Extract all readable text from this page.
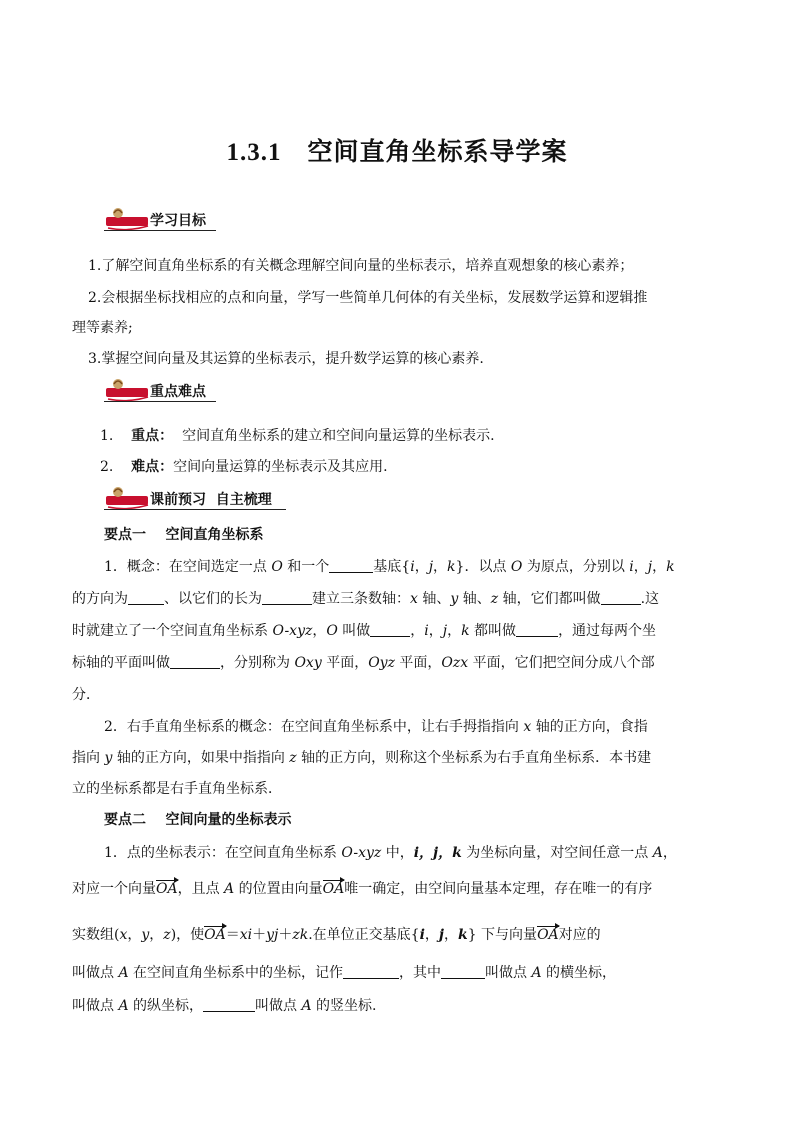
1.3.1 空间直角坐标系导学案
学习目标
1.了解空间直角坐标系的有关概念理解空间向量的坐标表示，培养直观想象的核心素养；
2.会根据坐标找相应的点和向量，学写一些简单几何体的有关坐标，发展数学运算和逻辑推
理等素养;
3.掌握空间向量及其运算的坐标表示，提升数学运算的核心素养.
重点难点
1. 重点： 空间直角坐标系的建立和空间向量运算的坐标表示.
2. 难点：空间向量运算的坐标表示及其应用.
课前预习  自主梳理
要点一    空间直角坐标系
1．概念：在空间选定一点 O 和一个	基底{i，j，k}．以点 O 为原点，分别以 i，j，k
的方向为	、以它们的长为	建立三条数轴：x 轴、y 轴、z 轴，它们都叫做	.这
时就建立了一个空间直角坐标系 O-xyz，O 叫做	，i，j，k 都叫做	，通过每两个坐
标轴的平面叫做	，分别称为 Oxy 平面，Oyz 平面，Ozx 平面，它们把空间分成八个部
分．
2．右手直角坐标系的概念：在空间直角坐标系中，让右手拇指指向 x 轴的正方向，食指
指向 y 轴的正方向，如果中指指向 z 轴的正方向，则称这个坐标系为右手直角坐标系．本书建
立的坐标系都是右手直角坐标系．
要点二    空间向量的坐标表示
1．点的坐标表示：在空间直角坐标系 O-xyz 中，i，j，k 为坐标向量，对空间任意一点 A，
对应一个向量OA，且点 A 的位置由向量OA唯一确定，由空间向量基本定理，存在唯一的有序
实数组(x，y，z)，使OA＝xi＋yj＋zk.在单位正交基底{i，j，k} 下与向量OA对应的
叫做点 A 在空间直角坐标系中的坐标，记作	，其中	叫做点 A 的横坐标，
叫做点 A 的纵坐标，	叫做点 A 的竖坐标.
